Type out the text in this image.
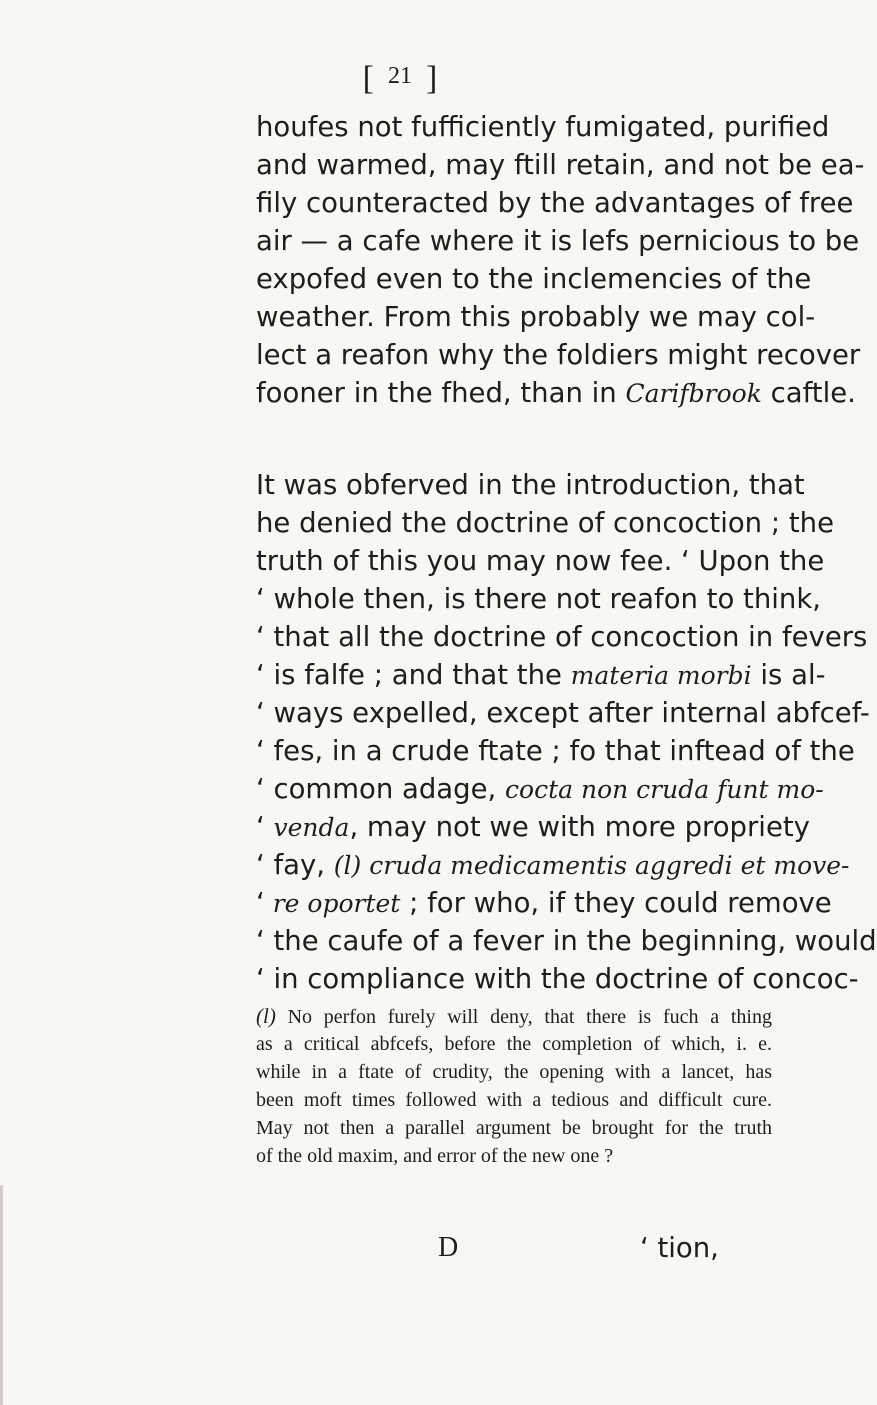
[ 21 ]
houfes not fufficiently fumigated, purified
and warmed, may ftill retain, and not be ea-
fily counteracted by the advantages of free
air — a cafe where it is lefs pernicious to be
expofed even to the inclemencies of the
weather. From this probably we may col-
lect a reafon why the foldiers might recover
fooner in the fhed, than in Carifbrook caftle.
It was obferved in the introduction, that
he denied the doctrine of concoction ; the
truth of this you may now fee. ‘ Upon the
‘ whole then, is there not reafon to think,
‘ that all the doctrine of concoction in fevers
‘ is falfe ; and that the materia morbi is al-
‘ ways expelled, except after internal abfcef-
‘ fes, in a crude ftate ; fo that inftead of the
‘ common adage, cocta non cruda funt mo-
‘ venda, may not we with more propriety
‘ fay, (l) cruda medicamentis aggredi et move-
‘ re oportet ; for who, if they could remove
‘ the caufe of a fever in the beginning, would
‘ in compliance with the doctrine of concoc-
(l) No perfon furely will deny, that there is fuch a thing
as a critical abfcefs, before the completion of which, i. e.
while in a ftate of crudity, the opening with a lancet, has
been moft times followed with a tedious and difficult cure.
May not then a parallel argument be brought for the truth
of the old maxim, and error of the new one ?
D	‘ tion,
